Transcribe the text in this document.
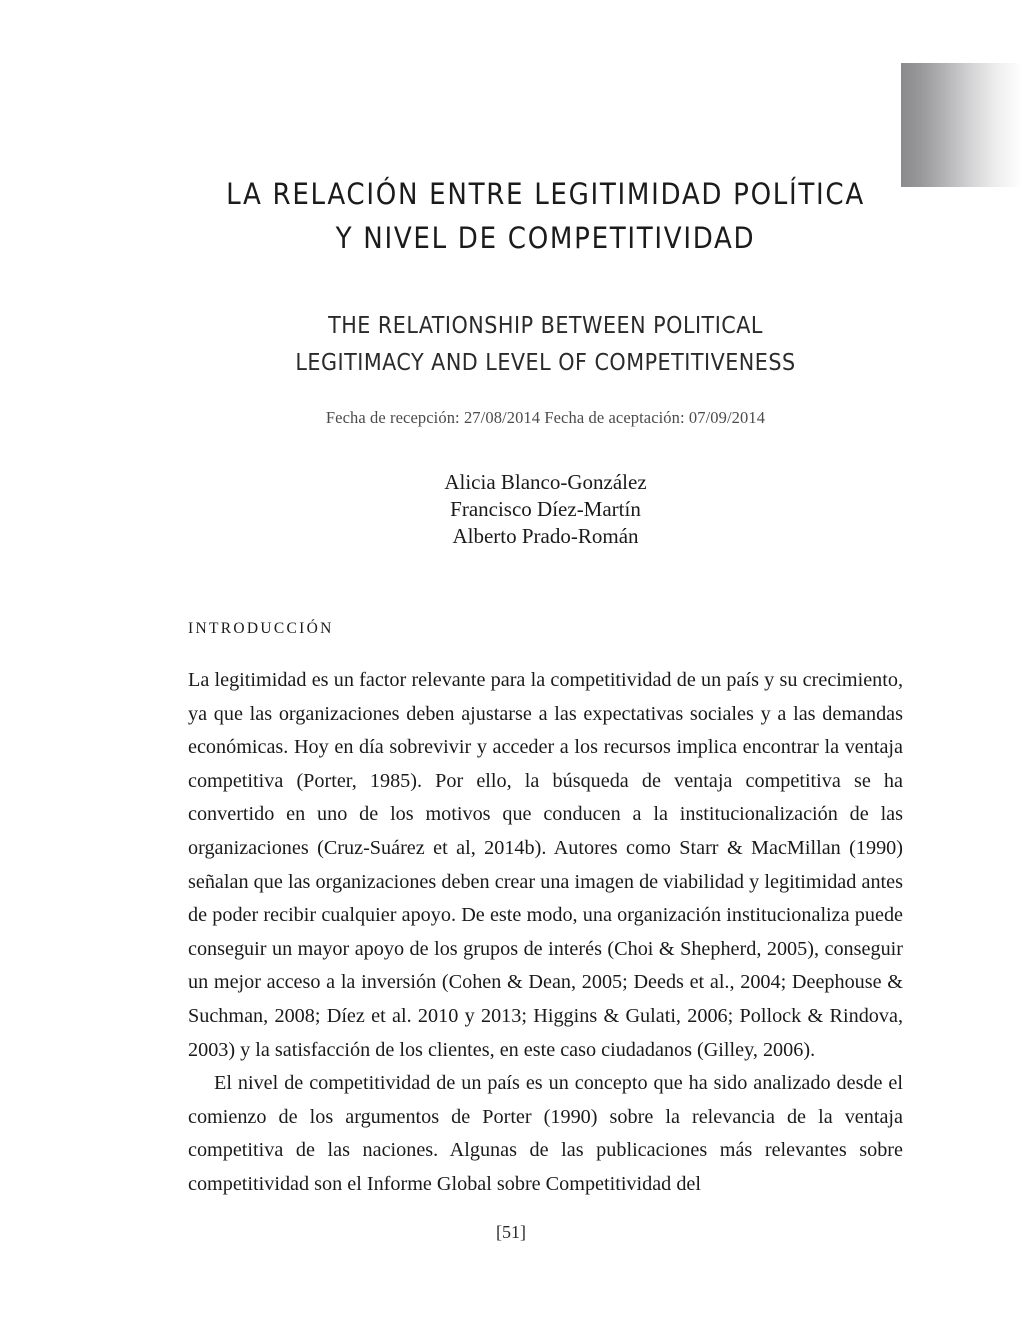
LA RELACIÓN ENTRE LEGITIMIDAD POLÍTICA
Y NIVEL DE COMPETITIVIDAD
THE RELATIONSHIP BETWEEN POLITICAL
LEGITIMACY AND LEVEL OF COMPETITIVENESS
Fecha de recepción: 27/08/2014 Fecha de aceptación: 07/09/2014
Alicia Blanco-González
Francisco Díez-Martín
Alberto Prado-Román
INTRODUCCIÓN

La legitimidad es un factor relevante para la competitividad de un país y su crecimiento, ya que las organizaciones deben ajustarse a las expectativas sociales y a las demandas económicas. Hoy en día sobrevivir y acceder a los recursos implica encontrar la ventaja competitiva (Porter, 1985). Por ello, la búsqueda de ventaja competitiva se ha convertido en uno de los motivos que conducen a la institucionalización de las organizaciones (Cruz-Suárez et al, 2014b). Autores como Starr & MacMillan (1990) señalan que las organizaciones deben crear una imagen de viabilidad y legitimidad antes de poder recibir cualquier apoyo. De este modo, una organización institucionaliza puede conseguir un mayor apoyo de los grupos de interés (Choi & Shepherd, 2005), conseguir un mejor acceso a la inversión (Cohen & Dean, 2005; Deeds et al., 2004; Deephouse & Suchman, 2008; Díez et al. 2010 y 2013; Higgins & Gulati, 2006; Pollock & Rindova, 2003) y la satisfacción de los clientes, en este caso ciudadanos (Gilley, 2006).

El nivel de competitividad de un país es un concepto que ha sido analizado desde el comienzo de los argumentos de Porter (1990) sobre la relevancia de la ventaja competitiva de las naciones. Algunas de las publicaciones más relevantes sobre competitividad son el Informe Global sobre Competitividad del

[51]
